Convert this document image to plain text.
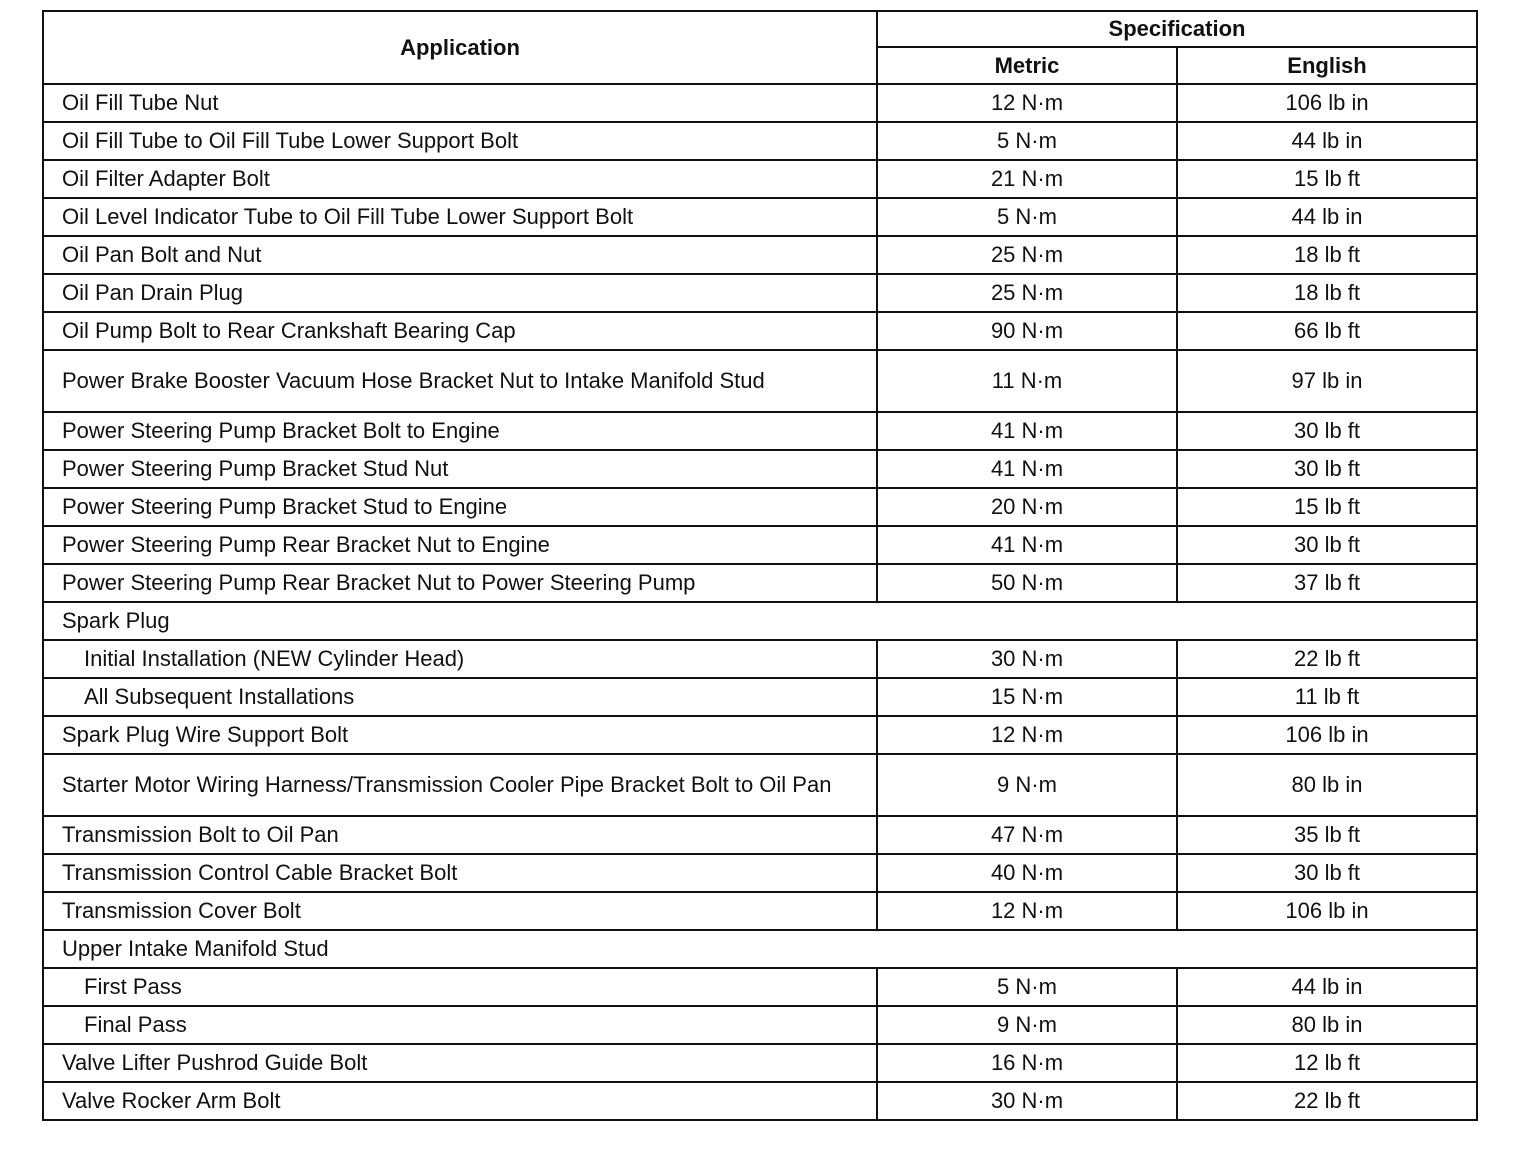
Application	Specification	
	Metric	English
Oil Fill Tube Nut	12 N·m	106 lb in
Oil Fill Tube to Oil Fill Tube Lower Support Bolt	5 N·m	44 lb in
Oil Filter Adapter Bolt	21 N·m	15 lb ft
Oil Level Indicator Tube to Oil Fill Tube Lower Support Bolt	5 N·m	44 lb in
Oil Pan Bolt and Nut	25 N·m	18 lb ft
Oil Pan Drain Plug	25 N·m	18 lb ft
Oil Pump Bolt to Rear Crankshaft Bearing Cap	90 N·m	66 lb ft
Power Brake Booster Vacuum Hose Bracket Nut to Intake Manifold Stud	11 N·m	97 lb in
Power Steering Pump Bracket Bolt to Engine	41 N·m	30 lb ft
Power Steering Pump Bracket Stud Nut	41 N·m	30 lb ft
Power Steering Pump Bracket Stud to Engine	20 N·m	15 lb ft
Power Steering Pump Rear Bracket Nut to Engine	41 N·m	30 lb ft
Power Steering Pump Rear Bracket Nut to Power Steering Pump	50 N·m	37 lb ft
Spark Plug		
Initial Installation (NEW Cylinder Head)	30 N·m	22 lb ft
All Subsequent Installations	15 N·m	11 lb ft
Spark Plug Wire Support Bolt	12 N·m	106 lb in
Starter Motor Wiring Harness/Transmission Cooler Pipe Bracket Bolt to Oil Pan	9 N·m	80 lb in
Transmission Bolt to Oil Pan	47 N·m	35 lb ft
Transmission Control Cable Bracket Bolt	40 N·m	30 lb ft
Transmission Cover Bolt	12 N·m	106 lb in
Upper Intake Manifold Stud		
First Pass	5 N·m	44 lb in
Final Pass	9 N·m	80 lb in
Valve Lifter Pushrod Guide Bolt	16 N·m	12 lb ft
Valve Rocker Arm Bolt	30 N·m	22 lb ft
